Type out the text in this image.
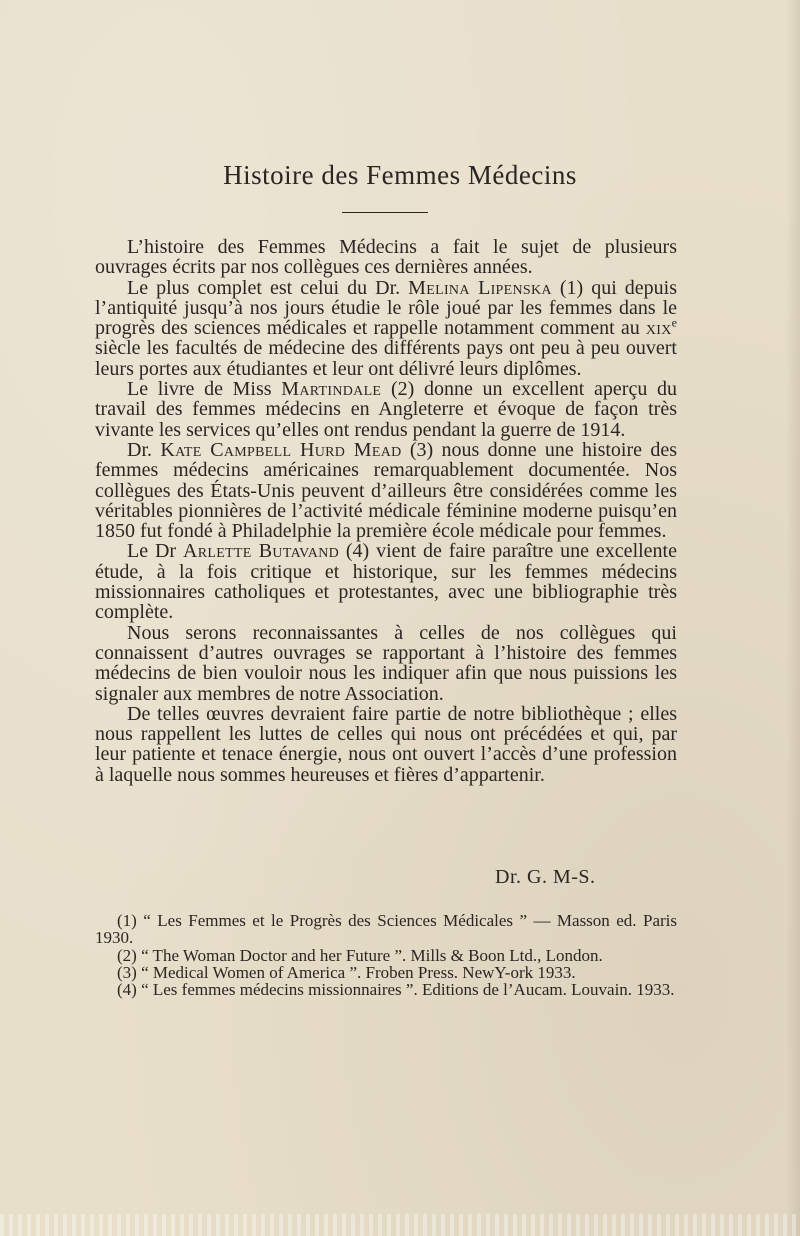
Histoire des Femmes Médecins

L’histoire des Femmes Médecins a fait le sujet de plusieurs ouvrages écrits par nos collègues ces dernières années.

Le plus complet est celui du Dr. Melina Lipenska (1) qui depuis l’antiquité jusqu’à nos jours étudie le rôle joué par les femmes dans le progrès des sciences médicales et rappelle notamment comment au xix$^e$ siècle les facultés de médecine des différents pays ont peu à peu ouvert leurs portes aux étudiantes et leur ont délivré leurs diplômes.

Le livre de Miss Martindale (2) donne un excellent aperçu du travail des femmes médecins en Angleterre et évoque de façon très vivante les services qu’elles ont rendus pendant la guerre de 1914.

Dr. Kate Campbell Hurd Mead (3) nous donne une histoire des femmes médecins américaines remarquablement documentée. Nos collègues des États-Unis peuvent d’ailleurs être considérées comme les véritables pionnières de l’activité médicale féminine moderne puisqu’en 1850 fut fondé à Philadelphie la première école médicale pour femmes.

Le Dr Arlette Butavand (4) vient de faire paraître une excellente étude, à la fois critique et historique, sur les femmes médecins missionnaires catholiques et protestantes, avec une bibliographie très complète.

Nous serons reconnaissantes à celles de nos collègues qui connaissent d’autres ouvrages se rapportant à l’histoire des femmes médecins de bien vouloir nous les indiquer afin que nous puissions les signaler aux membres de notre Association.

De telles œuvres devraient faire partie de notre bibliothèque ; elles nous rappellent les luttes de celles qui nous ont précédées et qui, par leur patiente et tenace énergie, nous ont ouvert l’accès d’une profession à laquelle nous sommes heureuses et fières d’appartenir.

Dr. G. M-S.

(1) “ Les Femmes et le Progrès des Sciences Médicales ” — Masson ed. Paris 1930.

(2) “ The Woman Doctor and her Future ”. Mills & Boon Ltd., London.

(3) “ Medical Women of America ”. Froben Press. NewY-ork 1933.

(4) “ Les femmes médecins missionnaires ”. Editions de l’Aucam. Louvain. 1933.
